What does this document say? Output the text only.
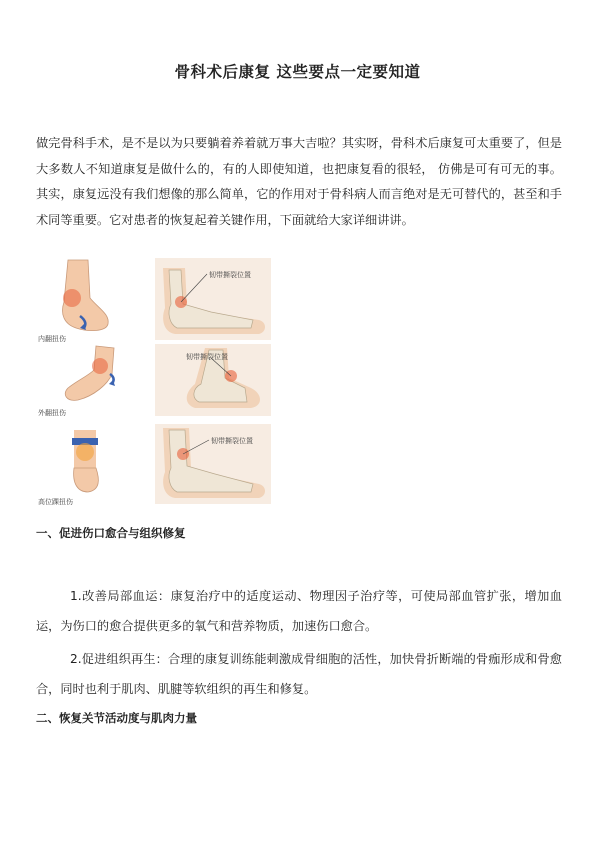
骨科术后康复 这些要点一定要知道
做完骨科手术，是不是以为只要躺着养着就万事大吉啦？其实呀，骨科术后康复可太重要了，但是大多数人不知道康复是做什么的，有的人即使知道，也把康复看的很轻， 仿佛是可有可无的事。其实，康复远没有我们想像的那么简单，它的作用对于骨科病人而言绝对是无可替代的，甚至和手术同等重要。它对患者的恢复起着关键作用，下面就给大家详细讲讲。
内翻扭伤
韧带撕裂位置
外翻扭伤
韧带撕裂位置
高位踝扭伤
韧带撕裂位置
一、促进伤口愈合与组织修复
1.改善局部血运：康复治疗中的适度运动、物理因子治疗等，可使局部血管扩张，增加血运，为伤口的愈合提供更多的氧气和营养物质，加速伤口愈合。
2.促进组织再生：合理的康复训练能刺激成骨细胞的活性，加快骨折断端的骨痂形成和骨愈合，同时也利于肌肉、肌腱等软组织的再生和修复。
二、恢复关节活动度与肌肉力量
